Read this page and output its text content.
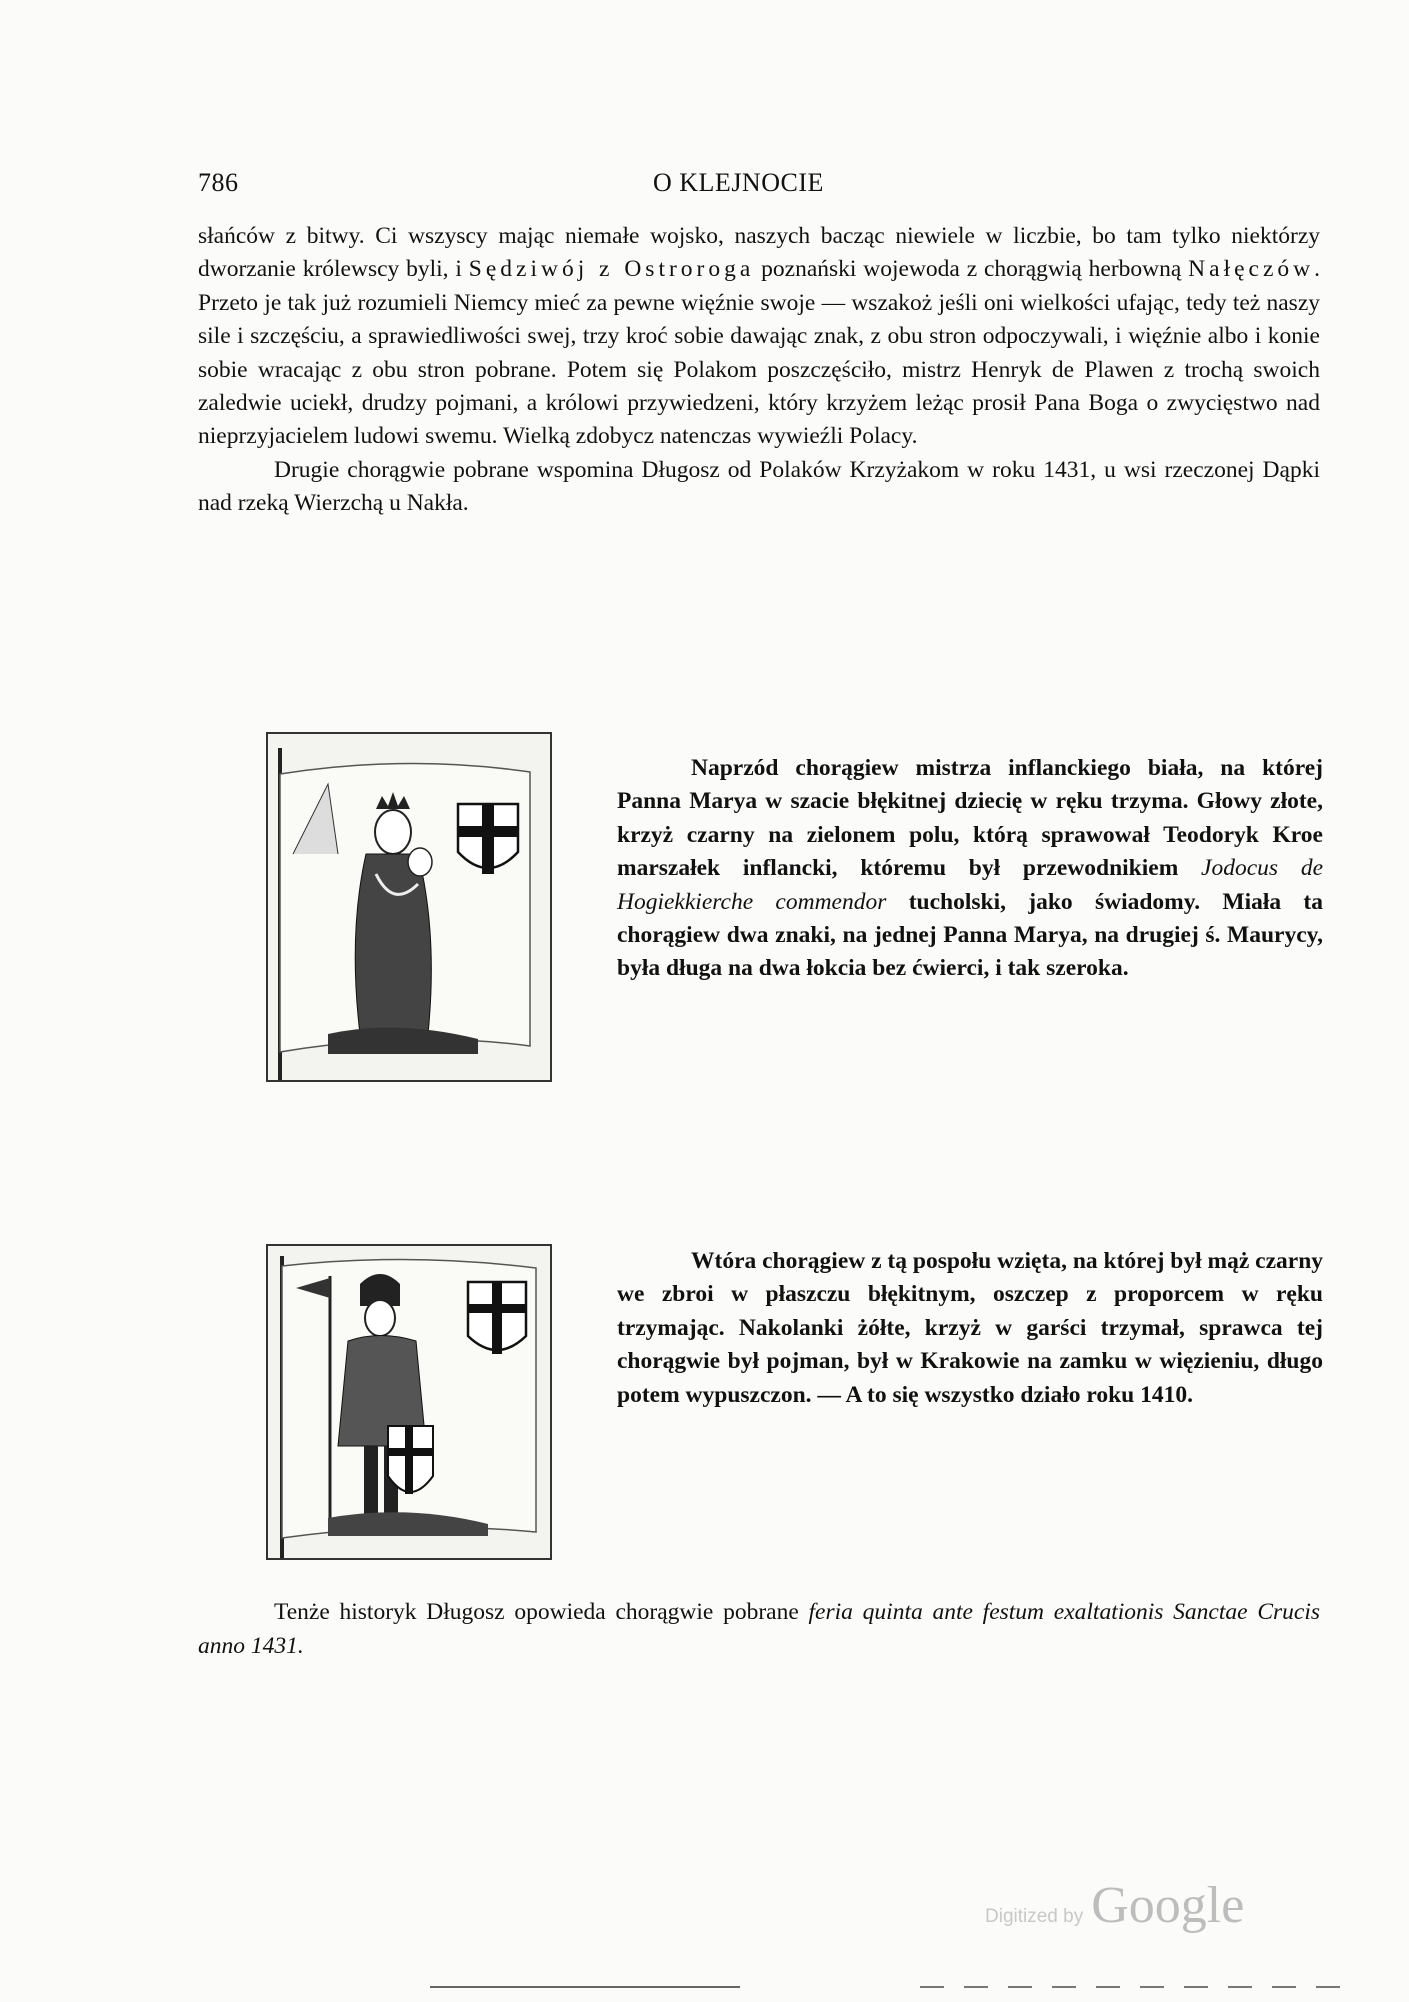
786	O KLEJNOCIE

słańców z bitwy. Ci wszyscy mając niemałe wojsko, naszych bacząc niewiele w liczbie, bo tam tylko niektórzy dworzanie królewscy byli, i Sędziwój z Ostroroga poznański wojewoda z chorągwią herbowną Nałęczów. Przeto je tak już rozumieli Niemcy mieć za pewne więźnie swoje — wszakoż jeśli oni wielkości ufając, tedy też naszy sile i szczęściu, a sprawiedliwości swej, trzy kroć sobie dawając znak, z obu stron odpoczywali, i więźnie albo i konie sobie wracając z obu stron pobrane. Potem się Polakom poszczęściło, mistrz Henryk de Plawen z trochą swoich zaledwie uciekł, drudzy pojmani, a królowi przywiedzeni, który krzyżem leżąc prosił Pana Boga o zwycięstwo nad nieprzyjacielem ludowi swemu. Wielką zdobycz natenczas wywieźli Polacy.

Drugie chorągwie pobrane wspomina Długosz od Polaków Krzyżakom w roku 1431, u wsi rzeczonej Dąpki nad rzeką Wierzchą u Nakła.

Naprzód chorągiew mistrza inflanckiego biała, na której Panna Marya w szacie błękitnej dziecię w ręku trzyma. Głowy złote, krzyż czarny na zielonem polu, którą sprawował Teodoryk Kroe marszałek inflancki, któremu był przewodnikiem Jodocus de Hogiekkierche commendor tucholski, jako świadomy. Miała ta chorągiew dwa znaki, na jednej Panna Marya, na drugiej ś. Maurycy, była długa na dwa łokcia bez ćwierci, i tak szeroka.
Wtóra chorągiew z tą pospołu wzięta, na której był mąż czarny we zbroi w płaszczu błękitnym, oszczep z proporcem w ręku trzymając. Nakolanki żółte, krzyż w garści trzymał, sprawca tej chorągwie był pojman, był w Krakowie na zamku w więzieniu, długo potem wypuszczon. — A to się wszystko działo roku 1410.

Tenże historyk Długosz opowieda chorągwie pobrane feria quinta ante festum exaltationis Sanctae Crucis anno 1431.

Digitized by Google
